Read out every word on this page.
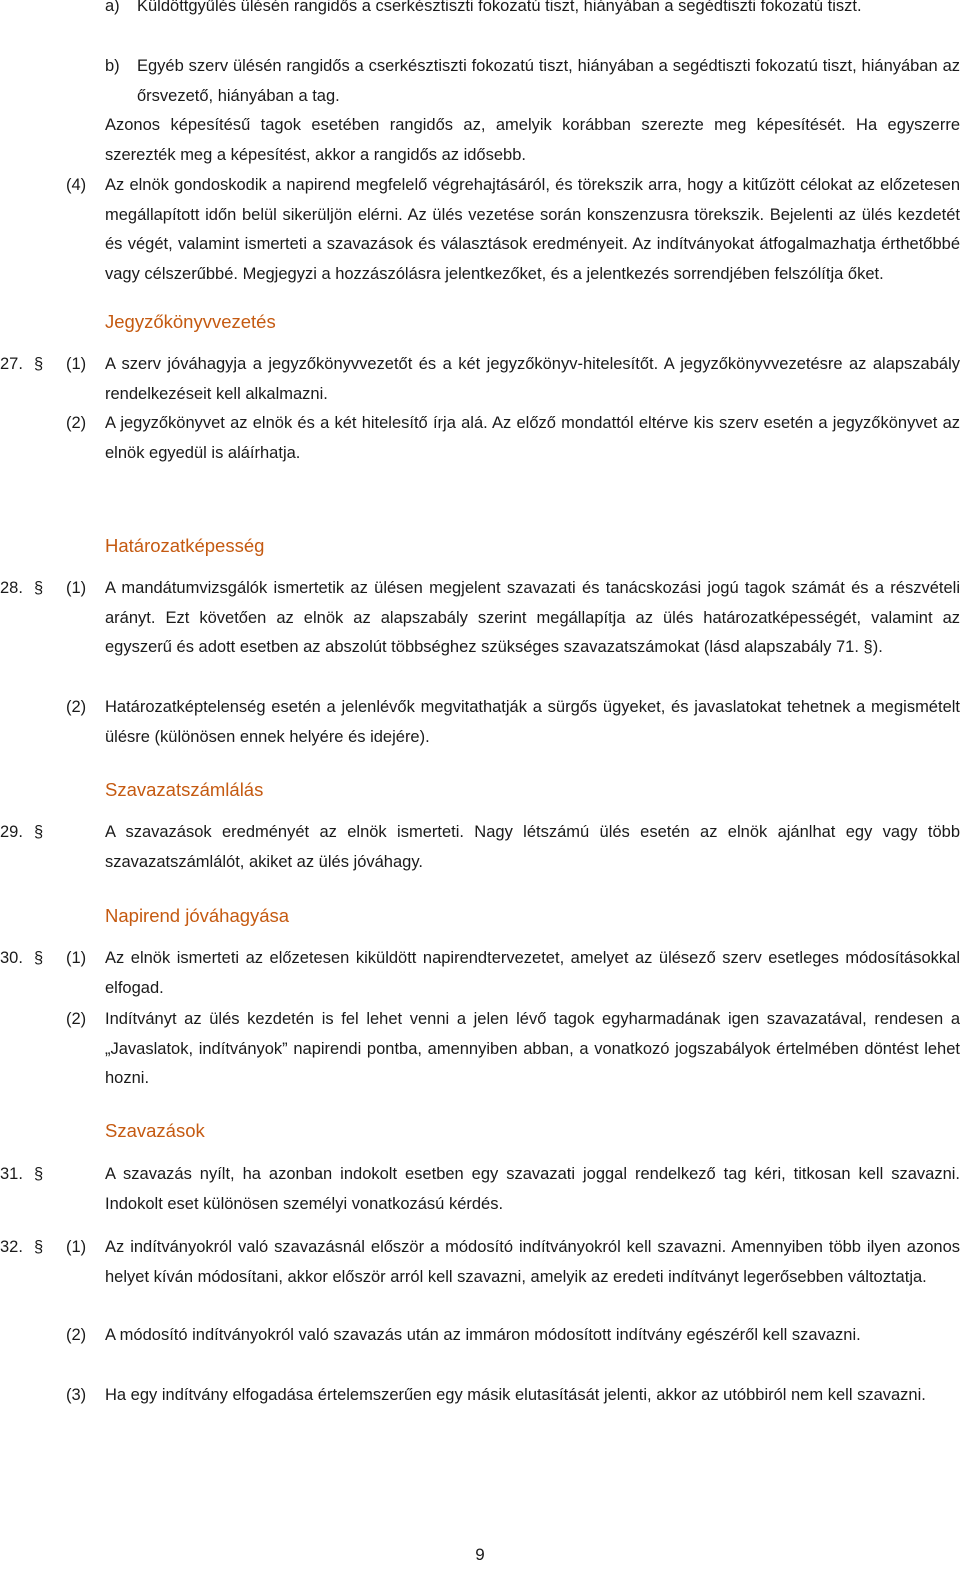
a) Küldöttgyűlés ülésén rangidős a cserkésztiszti fokozatú tiszt, hiányában a segédtiszti fokozatú tiszt.
b) Egyéb szerv ülésén rangidős a cserkésztiszti fokozatú tiszt, hiányában a segédtiszti fokozatú tiszt, hiányában az őrsvezető, hiányában a tag.
Azonos képesítésű tagok esetében rangidős az, amelyik korábban szerezte meg képesítését. Ha egyszerre szerezték meg a képesítést, akkor a rangidős az idősebb.
(4) Az elnök gondoskodik a napirend megfelelő végrehajtásáról, és törekszik arra, hogy a kitűzött célokat az előzetesen megállapított időn belül sikerüljön elérni. Az ülés vezetése során konszenzusra törekszik. Bejelenti az ülés kezdetét és végét, valamint ismerteti a szavazások és választások eredményeit. Az indítványokat átfogalmazhatja érthetőbbé vagy célszerűbbé. Megjegyzi a hozzászólásra jelentkezőket, és a jelentkezés sorrendjében felszólítja őket.
Jegyzőkönyvvezetés
27. § (1) A szerv jóváhagyja a jegyzőkönyvvezetőt és a két jegyzőkönyv-hitelesítőt. A jegyzőkönyvvezetésre az alapszabály rendelkezéseit kell alkalmazni.
(2) A jegyzőkönyvet az elnök és a két hitelesítő írja alá. Az előző mondattól eltérve kis szerv esetén a jegyzőkönyvet az elnök egyedül is aláírhatja.
Határozatképesség
28. § (1) A mandátumvizsgálók ismertetik az ülésen megjelent szavazati és tanácskozási jogú tagok számát és a részvételi arányt. Ezt követően az elnök az alapszabály szerint megállapítja az ülés határozatképességét, valamint az egyszerű és adott esetben az abszolút többséghez szükséges szavazatszámokat (lásd alapszabály 71. §).
(2) Határozatképtelenség esetén a jelenlévők megvitathatják a sürgős ügyeket, és javaslatokat tehetnek a megismételt ülésre (különösen ennek helyére és idejére).
Szavazatszámlálás
29. §	A szavazások eredményét az elnök ismerteti. Nagy létszámú ülés esetén az elnök ajánlhat egy vagy több szavazatszámlálót, akiket az ülés jóváhagy.
Napirend jóváhagyása
30. § (1) Az elnök ismerteti az előzetesen kiküldött napirendtervezetet, amelyet az ülésező szerv esetleges módosításokkal elfogad.
(2) Indítványt az ülés kezdetén is fel lehet venni a jelen lévő tagok egyharmadának igen szavazatával, rendesen a „Javaslatok, indítványok” napirendi pontba, amennyiben abban, a vonatkozó jogszabályok értelmében döntést lehet hozni.
Szavazások
31. §	A szavazás nyílt, ha azonban indokolt esetben egy szavazati joggal rendelkező tag kéri, titkosan kell szavazni. Indokolt eset különösen személyi vonatkozású kérdés.
32. § (1) Az indítványokról való szavazásnál először a módosító indítványokról kell szavazni. Amennyiben több ilyen azonos helyet kíván módosítani, akkor először arról kell szavazni, amelyik az eredeti indítványt legerősebben változtatja.
(2) A módosító indítványokról való szavazás után az immáron módosított indítvány egészéről kell szavazni.
(3) Ha egy indítvány elfogadása értelemszerűen egy másik elutasítását jelenti, akkor az utóbbiról nem kell szavazni.
9
